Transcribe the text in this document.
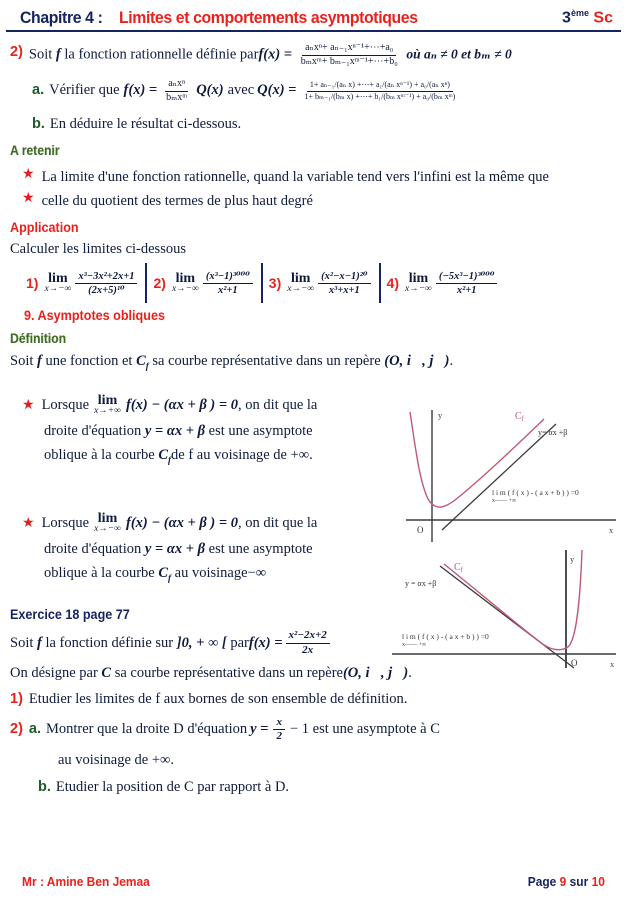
Chapitre 4 : Limites et comportements asymptotiques	3ème Sc
2) Soit f la fonction rationnelle définie parf(x) = $\frac{\text{aₙxⁿ+ aₙ₋₁xⁿ⁻¹+⋯+a₀}}{\text{bₘxᵐ+ bₘ₋₁xᵐ⁻¹+⋯+b₀}}$ où aₙ ≠ 0 et bₘ ≠ 0
a. Vérifier que $f(x) = \frac{\text{aₙxⁿ}}{\text{bₘxᵐ}} Q(x)$ avec $Q(x) = \frac{\text{1+ aₙ₋₁/(aₙ x) +⋯+ a₁/(aₙ xⁿ⁻¹) + a₀/(aₙ xⁿ)}}{\text{1+ bₘ₋₁/(bₘ x) +⋯+ b₁/(bₘ xᵐ⁻¹) + a₀/(bₘ xᵐ)}}$
b. En déduire le résultat ci-dessous.
A retenir
★ La limite d'une fonction rationnelle, quand la variable tend vers l'infini est la même que
★ celle du quotient des termes de plus haut degré
Application
Calculer les limites ci-dessous
1) lim
$x\to-\infty \frac{\text{x³−3x²+2x+1}}{\text{(2x+5)¹⁰}} 2$) lim
$x\to-\infty \frac{\text{(x³−1)³⁰⁰⁰}}{\text{x²+1}} 3$) lim
$x\to-\infty \frac{\text{(x²−x−1)²⁰}}{\text{x³+x+1}} 4$) lim
$x\to-\infty \frac{\text{(−5x³−1)³⁰⁰⁰}}{\text{x²+1}}$
9. Asymptotes obliques
Définition
Soit f une fonction et $C_f$ sa courbe représentative dans un repère (O, i⃗, j⃗).
★ Lorsque lim
x→+∞ f(x) − (αx + β ) = 0 , on dit que la
droite d'équation y = αx + β est une asymptote
oblique à la courbe $C_fde$ f au voisinage de +∞.
★ Lorsque lim
x→−∞ f(x) − (αx + β ) = 0 , on dit que la
droite d'équation y = αx + β est une asymptote
oblique à la courbe $C_f$ au voisinage−∞
Exercice 18 page 77
Soit
f
la fonction définie sur
]0, + ∞ [
par $f(x) = \frac{\text{x²−2x+2}}{2x}$
On désigne par C sa courbe représentative dans un repère(O, i⃗, j⃗).
1) Etudier les limites de f aux bornes de son ensemble de définition.
2) a. Montrer que la droite D d'équation $y = \frac{x}{2} - 1$ est une asymptote à C
au voisinage de +∞.
b. Etudier la position de C par rapport à D.
y
x
O
$C_f$
y= αx +β
l i m ( f ( x ) - ( a x + b ) ) =0
x—— +∞
y
x
O
$C_f$
y = αx +β
l i m ( f ( x ) - ( a x + b ) ) =0
x—— +∞
Mr : Amine Ben Jemaa	Page 9 sur 10
